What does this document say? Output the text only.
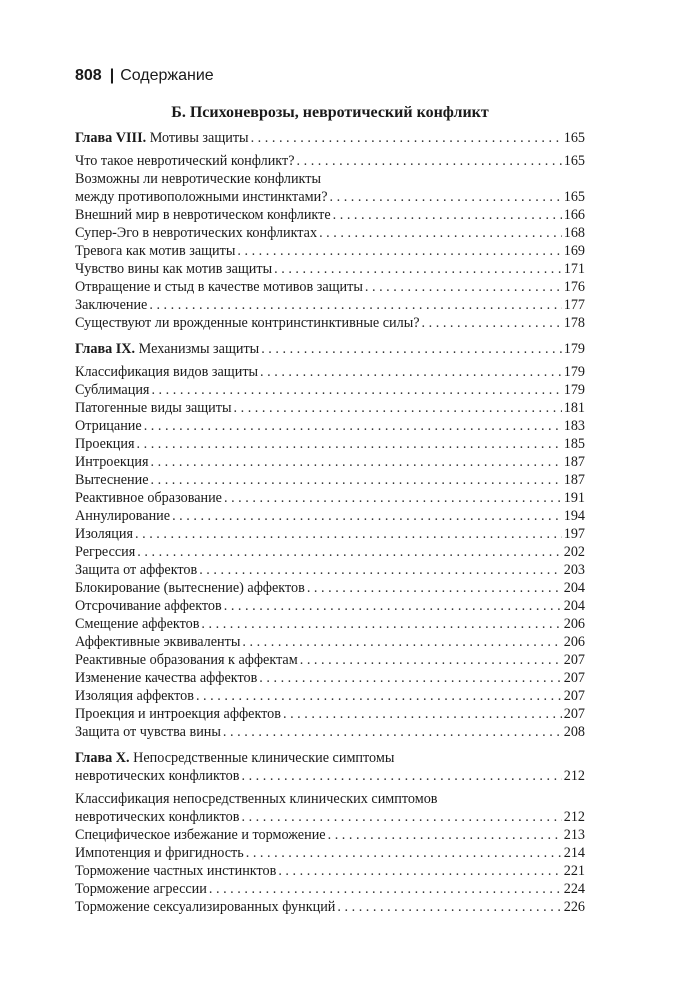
808 | Содержание
Б. Психоневрозы, невротический конфликт
Глава VIII. Мотивы защиты . . .	165
Что такое невротический конфликт? . . .	165
Возможны ли невротические конфликты
между противоположными инстинктами? . . .	165
Внешний мир в невротическом конфликте . . .	166
Супер-Эго в невротических конфликтах . . .	168
Тревога как мотив защиты . . .	169
Чувство вины как мотив защиты . . .	171
Отвращение и стыд в качестве мотивов защиты . . .	176
Заключение . . .	177
Существуют ли врожденные контринстинктивные силы? . . .	178
Глава IX. Механизмы защиты . . .	179
Классификация видов защиты . . .	179
Сублимация . . .	179
Патогенные виды защиты . . .	181
Отрицание . . .	183
Проекция . . .	185
Интроекция . . .	187
Вытеснение . . .	187
Реактивное образование . . .	191
Аннулирование . . .	194
Изоляция . . .	197
Регрессия . . .	202
Защита от аффектов . . .	203
Блокирование (вытеснение) аффектов . . .	204
Отсрочивание аффектов . . .	204
Смещение аффектов . . .	206
Аффективные эквиваленты . . .	206
Реактивные образования к аффектам . . .	207
Изменение качества аффектов . . .	207
Изоляция аффектов . . .	207
Проекция и интроекция аффектов . . .	207
Защита от чувства вины . . .	208
Глава X. Непосредственные клинические симптомы
невротических конфликтов . . .	212
Классификация непосредственных клинических симптомов
невротических конфликтов . . .	212
Специфическое избежание и торможение . . .	213
Импотенция и фригидность . . .	214
Торможение частных инстинктов . . .	221
Торможение агрессии . . .	224
Торможение сексуализированных функций . . .	226
